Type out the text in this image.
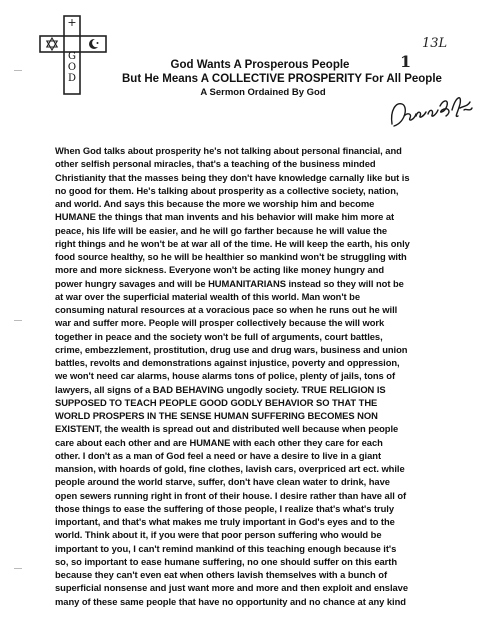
+
G
O
D
God Wants A Prosperous People
But He Means A COLLECTIVE PROSPERITY For All People
A Sermon Ordained By God
13L
1
When God talks about prosperity he's not talking about personal financial, and
other selfish personal miracles, that's a teaching of the business minded
Christianity that the masses being they don't have knowledge carnally like but is
no good for them. He's talking about prosperity as a collective society, nation,
and world. And says this because the more we worship him and become
HUMANE the things that man invents and his behavior will make him more at
peace, his life will be easier, and he will go farther because he will value the
right things and he won't be at war all of the time. He will keep the earth, his only
food source healthy, so he will be healthier so mankind won't be struggling with
more and more sickness. Everyone won't be acting like money hungry and
power hungry savages and will be HUMANITARIANS instead so they will not be
at war over the superficial material wealth of this world. Man won't be
consuming natural resources at a voracious pace so when he runs out he will
war and suffer more. People will prosper collectively because the will work
together in peace and the society won't be full of arguments, court battles,
crime, embezzlement, prostitution, drug use and drug wars, business and union
battles, revolts and demonstrations against injustice, poverty and oppression,
we won't need car alarms, house alarms tons of police, plenty of jails, tons of
lawyers, all signs of a BAD BEHAVING ungodly society. TRUE RELIGION IS
SUPPOSED TO TEACH PEOPLE GOOD GODLY BEHAVIOR SO THAT THE
WORLD PROSPERS IN THE SENSE HUMAN SUFFERING BECOMES NON
EXISTENT, the wealth is spread out and distributed well because when people
care about each other and are HUMANE with each other they care for each
other. I don't as a man of God feel a need or have a desire to live in a giant
mansion, with hoards of gold, fine clothes, lavish cars, overpriced art ect. while
people around the world starve, suffer, don't have clean water to drink, have
open sewers running right in front of their house. I desire rather than have all of
those things to ease the suffering of those people, I realize that's what's truly
important, and that's what makes me truly important in God's eyes and to the
world. Think about it, if you were that poor person suffering who would be
important to you, I can't remind mankind of this teaching enough because it's
so, so important to ease humane suffering, no one should suffer on this earth
because they can't even eat when others lavish themselves with a bunch of
superficial nonsense and just want more and more and then exploit and enslave
many of these same people that have no opportunity and no chance at any kind
